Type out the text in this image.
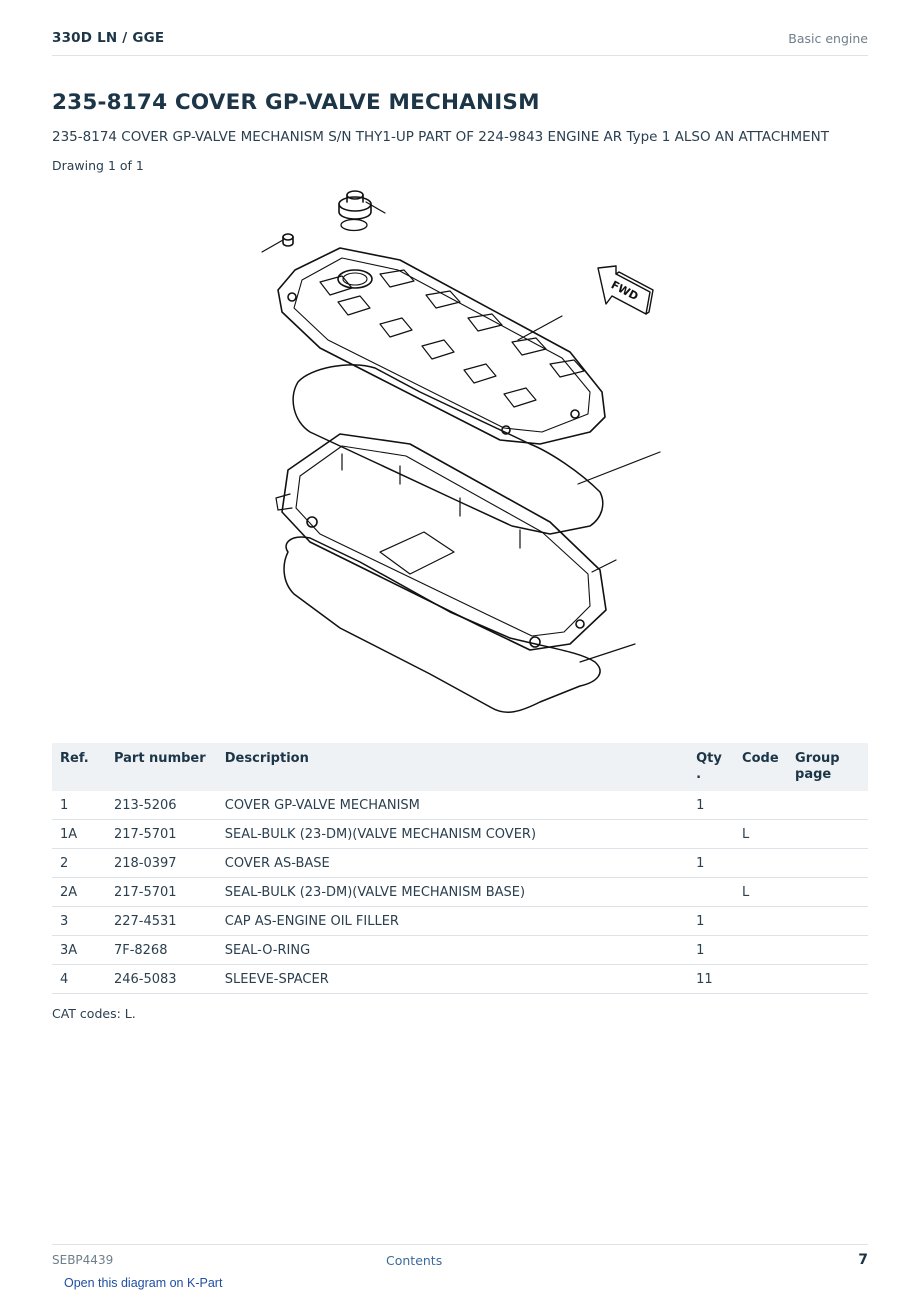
330D LN / GGE	Basic engine
235-8174 COVER GP-VALVE MECHANISM
235-8174 COVER GP-VALVE MECHANISM S/N THY1-UP PART OF 224-9843 ENGINE AR Type 1 ALSO AN ATTACHMENT
Drawing 1 of 1
FWD
Ref.	Part number	Description	Qty .	Code	Group page
1	213-5206	COVER GP-VALVE MECHANISM	1		
1A	217-5701	SEAL-BULK (23-DM)(VALVE MECHANISM COVER)		L	
2	218-0397	COVER AS-BASE	1		
2A	217-5701	SEAL-BULK (23-DM)(VALVE MECHANISM BASE)		L	
3	227-4531	CAP AS-ENGINE OIL FILLER	1		
3A	7F-8268	SEAL-O-RING	1		
4	246-5083	SLEEVE-SPACER	11		
CAT codes: L.
SEBP4439	Contents	7
Open this diagram on K-Part
